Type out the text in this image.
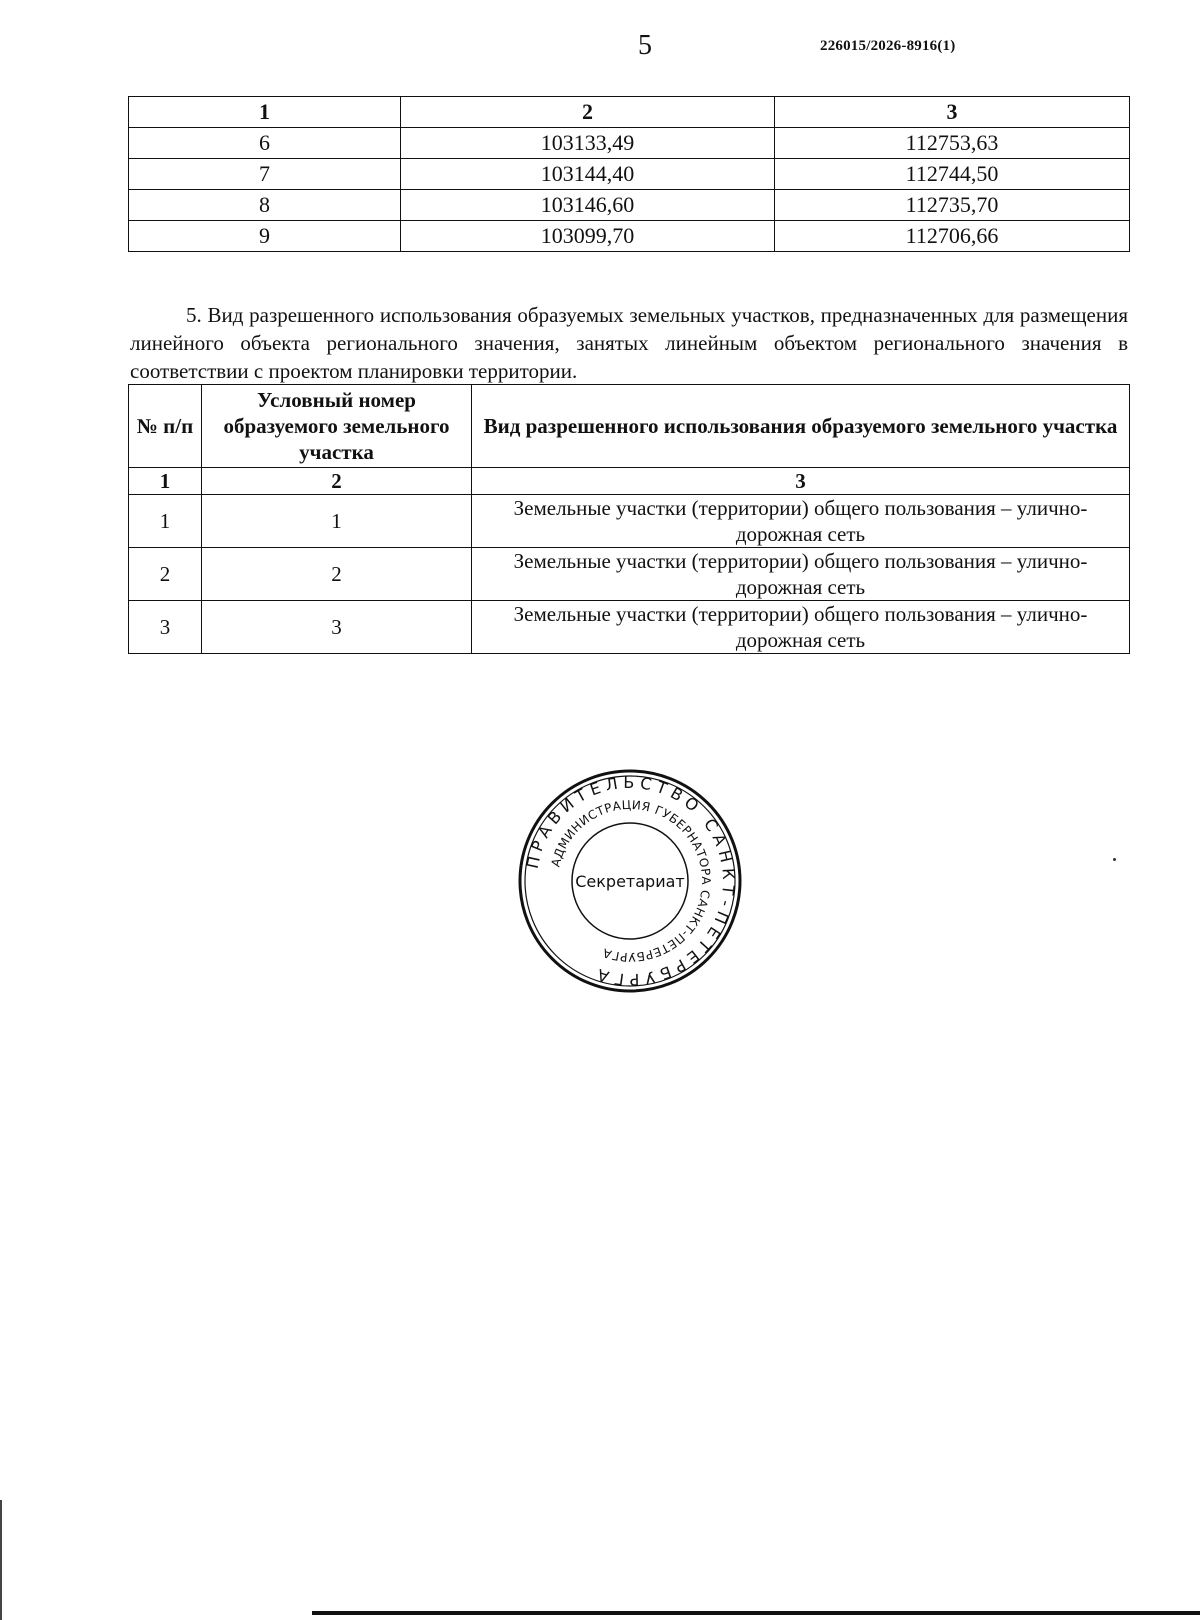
5	226015/2026-8916(1)
1	2	3
6	103133,49	112753,63
7	103144,40	112744,50
8	103146,60	112735,70
9	103099,70	112706,66

5. Вид разрешенного использования образуемых земельных участков, предназначенных для размещения линейного объекта регионального значения, занятых линейным объектом регионального значения в соответствии с проектом планировки территории.

№ п/п	Условный номер образуемого земельного участка	Вид разрешенного использования образуемого земельного участка
1	2	3
1	1	Земельные участки (территории) общего пользования – улично-дорожная сеть
2	2	Земельные участки (территории) общего пользования – улично-дорожная сеть
3	3	Земельные участки (территории) общего пользования – улично-дорожная сеть
ПРАВИТЕЛЬСТВО САНКТ-ПЕТЕРБУРГА
АДМИНИСТРАЦИЯ ГУБЕРНАТОРА САНКТ-ПЕТЕРБУРГА
Секретариат
